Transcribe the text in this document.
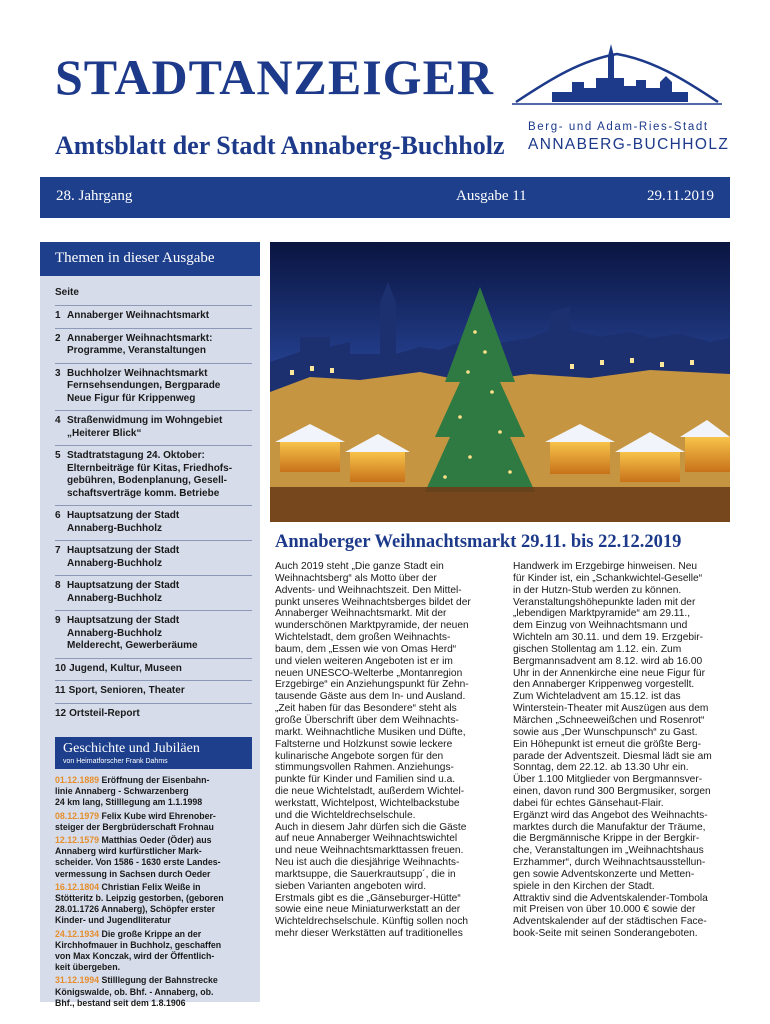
STADTANZEIGER
Amtsblatt der Stadt Annaberg-Buchholz
Berg- und Adam-Ries-Stadt
ANNABERG-BUCHHOLZ
28. Jahrgang	Ausgabe 11	29.11.2019
Themen in dieser Ausgabe
Seite
1 Annaberger Weihnachtsmarkt
2 Annaberger Weihnachtsmarkt:
Programme, Veranstaltungen
3 Buchholzer Weihnachtsmarkt
Fernsehsendungen, Bergparade
Neue Figur für Krippenweg
4 Straßenwidmung im Wohngebiet
„Heiterer Blick“
5 Stadtratstagung 24. Oktober:
Elternbeiträge für Kitas, Friedhofs-
gebühren, Bodenplanung, Gesell-
schaftsverträge komm. Betriebe
6 Hauptsatzung der Stadt
Annaberg-Buchholz
7 Hauptsatzung der Stadt
Annaberg-Buchholz
8 Hauptsatzung der Stadt
Annaberg-Buchholz
9 Hauptsatzung der Stadt
Annaberg-Buchholz
Melderecht, Gewerberäume
10 Jugend, Kultur, Museen
11 Sport, Senioren, Theater
12 Ortsteil-Report
Geschichte und Jubiläen
von Heimatforscher Frank Dahms

01.12.1889 Eröffnung der Eisenbahn-
linie Annaberg - Schwarzenberg
24 km lang, Stilllegung am 1.1.1998

08.12.1979 Felix Kube wird Ehrenober-
steiger der Bergbrüderschaft Frohnau

12.12.1579 Matthias Oeder (Öder) aus
Annaberg wird kurfürstlicher Mark-
scheider. Von 1586 - 1630 erste Landes-
vermessung in Sachsen durch Oeder

16.12.1804 Christian Felix Weiße in
Stötteritz b. Leipzig gestorben, (geboren
28.01.1726 Annaberg), Schöpfer erster
Kinder- und Jugendliteratur

24.12.1934 Die große Krippe an der
Kirchhofmauer in Buchholz, geschaffen
von Max Konczak, wird der Öffentlich-
keit übergeben.

31.12.1994 Stilllegung der Bahnstrecke
Königswalde, ob. Bhf. - Annaberg, ob.
Bhf., bestand seit dem 1.8.1906

Annaberger Weihnachtsmarkt 29.11. bis 22.12.2019
Auch 2019 steht „Die ganze Stadt ein
Weihnachtsberg“ als Motto über der
Advents- und Weihnachtszeit. Den Mittel-
punkt unseres Weihnachtsberges bildet der
Annaberger Weihnachtsmarkt. Mit der
wunderschönen Marktpyramide, der neuen
Wichtelstadt, dem großen Weihnachts-
baum, dem „Essen wie von Omas Herd“
und vielen weiteren Angeboten ist er im
neuen UNESCO-Welterbe „Montanregion
Erzgebirge“ ein Anziehungspunkt für Zehn-
tausende Gäste aus dem In- und Ausland.
„Zeit haben für das Besondere“ steht als
große Überschrift über dem Weihnachts-
markt. Weihnachtliche Musiken und Düfte,
Faltsterne und Holzkunst sowie leckere
kulinarische Angebote sorgen für den
stimmungsvollen Rahmen. Anziehungs-
punkte für Kinder und Familien sind u.a.
die neue Wichtelstadt, außerdem Wichtel-
werkstatt, Wichtelpost, Wichtelbackstube
und die Wichteldrechselschule.
Auch in diesem Jahr dürfen sich die Gäste
auf neue Annaberger Weihnachtswichtel
und neue Weihnachtsmarkttassen freuen.
Neu ist auch die diesjährige Weihnachts-
marktsuppe, die Sauerkrautsupp´, die in
sieben Varianten angeboten wird.
Erstmals gibt es die „Gänseburger-Hütte“
sowie eine neue Miniaturwerkstatt an der
Wichteldrechselschule. Künftig sollen noch
mehr dieser Werkstätten auf traditionelles
Handwerk im Erzgebirge hinweisen. Neu
für Kinder ist, ein „Schankwichtel-Geselle“
in der Hutzn-Stub werden zu können.
Veranstaltungshöhepunkte laden mit der
„lebendigen Marktpyramide“ am 29.11.,
dem Einzug von Weihnachtsmann und
Wichteln am 30.11. und dem 19. Erzgebir-
gischen Stollentag am 1.12. ein. Zum
Bergmannsadvent am 8.12. wird ab 16.00
Uhr in der Annenkirche eine neue Figur für
den Annaberger Krippenweg vorgestellt.
Zum Wichteladvent am 15.12. ist das
Winterstein-Theater mit Auszügen aus dem
Märchen „Schneeweißchen und Rosenrot“
sowie aus „Der Wunschpunsch“ zu Gast.
Ein Höhepunkt ist erneut die größte Berg-
parade der Adventszeit. Diesmal lädt sie am
Sonntag, dem 22.12. ab 13.30 Uhr ein.
Über 1.100 Mitglieder von Bergmannsver-
einen, davon rund 300 Bergmusiker, sorgen
dabei für echtes Gänsehaut-Flair.
Ergänzt wird das Angebot des Weihnachts-
marktes durch die Manufaktur der Träume,
die Bergmännische Krippe in der Bergkir-
che, Veranstaltungen im „Weihnachtshaus
Erzhammer“, durch Weihnachtsausstellun-
gen sowie Adventskonzerte und Metten-
spiele in den Kirchen der Stadt.
Attraktiv sind die Adventskalender-Tombola
mit Preisen von über 10.000 € sowie der
Adventskalender auf der städtischen Face-
book-Seite mit seinen Sonderangeboten.
